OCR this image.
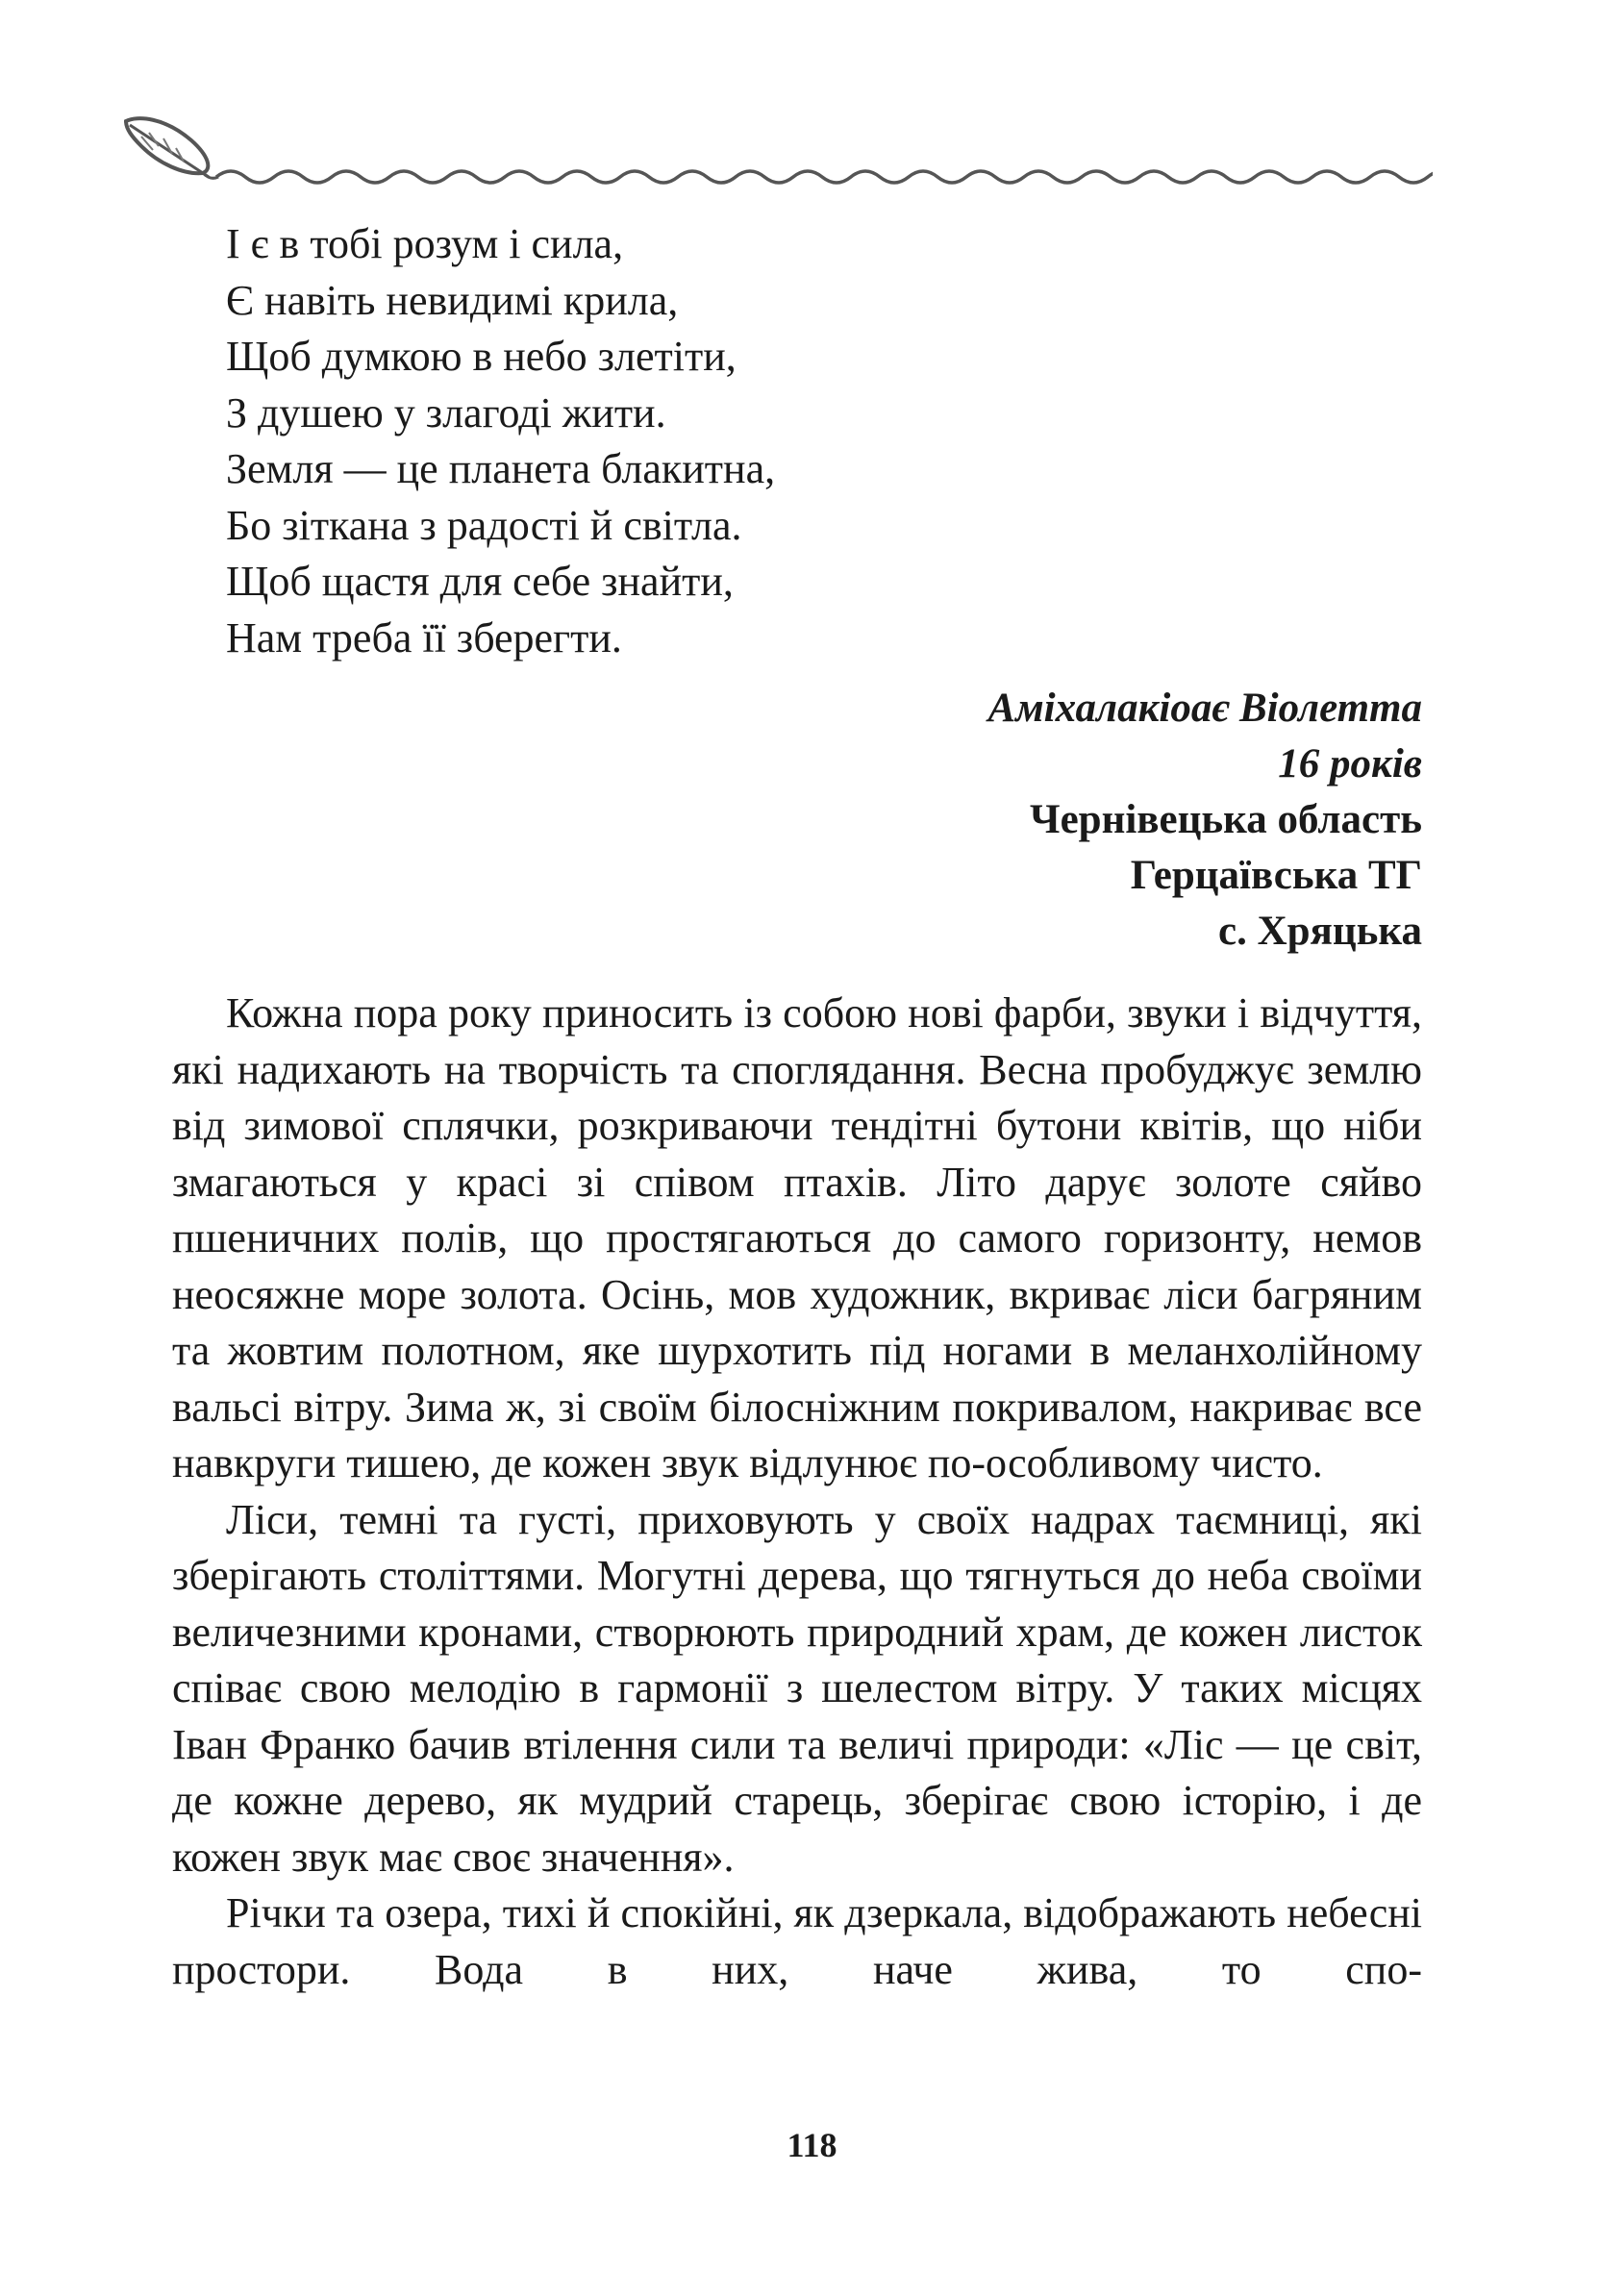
І є в тобі розум і сила,
Є навіть невидимі крила,
Щоб думкою в небо злетіти,
З душею у злагоді жити.
Земля — це планета блакитна,
Бо зіткана з радості й світла.
Щоб щастя для себе знайти,
Нам треба її зберегти.
Аміхалакіоає Віолетта
16 років
Чернівецька область
Герцаївська ТГ
с. Хряцька

Кожна пора року приносить із собою нові фарби, звуки і відчуття, які надихають на творчість та споглядання. Весна пробуджує землю від зимової сплячки, розкриваючи тендітні бутони квітів, що ніби змагаються у красі зі співом птахів. Літо дарує золоте сяйво пшеничних полів, що простягаються до самого горизонту, немов неосяжне море золота. Осінь, мов художник, вкриває ліси багряним та жовтим полотном, яке шурхотить під ногами в меланхолійному вальсі вітру. Зима ж, зі своїм білосніжним покривалом, накриває все навкруги тишею, де кожен звук відлунює по-особливому чисто.

Ліси, темні та густі, приховують у своїх надрах таємниці, які зберігають століттями. Могутні дерева, що тягнуться до неба своїми величезними кронами, створюють природний храм, де кожен листок співає свою мелодію в гармонії з шелестом вітру. У таких місцях Іван Франко бачив втілення сили та величі природи: «Ліс — це світ, де кожне дерево, як мудрий старець, зберігає свою історію, і де кожен звук має своє значення».

Річки та озера, тихі й спокійні, як дзеркала, відображають небесні простори. Вода в них, наче жива, то спо-

118
